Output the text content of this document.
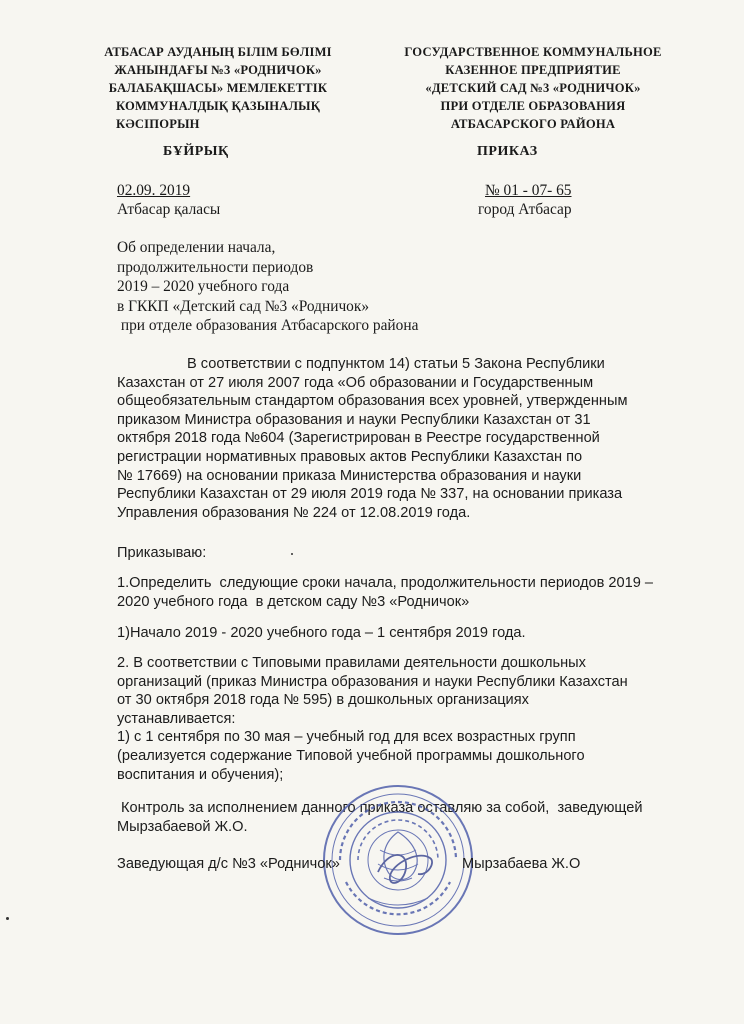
АТБАСАР АУДАНЫҢ БІЛІМ БӨЛІМІ
ЖАНЫНДАҒЫ №3 «РОДНИЧОК»
БАЛАБАҚШАСЫ» МЕМЛЕКЕТТІК
КОММУНАЛДЫҚ ҚАЗЫНАЛЫҚ
КӘСІПОРЫН
ГОСУДАРСТВЕННОЕ КОММУНАЛЬНОЕ
КАЗЕННОЕ ПРЕДПРИЯТИЕ
«ДЕТСКИЙ САД №3 «РОДНИЧОК»
ПРИ ОТДЕЛЕ ОБРАЗОВАНИЯ
АТБАСАРСКОГО РАЙОНА
БҰЙРЫҚ	ПРИКАЗ
02.09. 2019
Атбасар қаласы
№ 01 - 07- 65
город Атбасар
Об определении начала,
продолжительности периодов
2019 – 2020 учебного года
в ГККП «Детский сад №3 «Родничок»
при отделе образования Атбасарского района
В соответствии с подпунктом 14) статьи 5 Закона Республики
Казахстан от 27 июля 2007 года «Об образовании и Государственным
общеобязательным стандартом образования всех уровней, утвержденным
приказом Министра образования и науки Республики Казахстан от 31
октября 2018 года №604 (Зарегистрирован в Реестре государственной
регистрации нормативных правовых актов Республики Казахстан по
№ 17669) на основании приказа Министерства образования и науки
Республики Казахстан от 29 июля 2019 года № 337, на основании приказа
Управления образования № 224 от 12.08.2019 года.
Приказываю:
1.Определить  следующие сроки начала, продолжительности периодов 2019 –
2020 учебного года  в детском саду №3 «Родничок»
1)Начало 2019 - 2020 учебного года – 1 сентября 2019 года.
2. В соответствии с Типовыми правилами деятельности дошкольных
организаций (приказ Министра образования и науки Республики Казахстан
от 30 октября 2018 года № 595) в дошкольных организациях
устанавливается:
1) с 1 сентября по 30 мая – учебный год для всех возрастных групп
(реализуется содержание Типовой учебной программы дошкольного
воспитания и обучения);
Контроль за исполнением данного приказа оставляю за собой,  заведующей
Мырзабаевой Ж.О.
Заведующая д/с №3 «Родничок»	Мырзабаева Ж.О
